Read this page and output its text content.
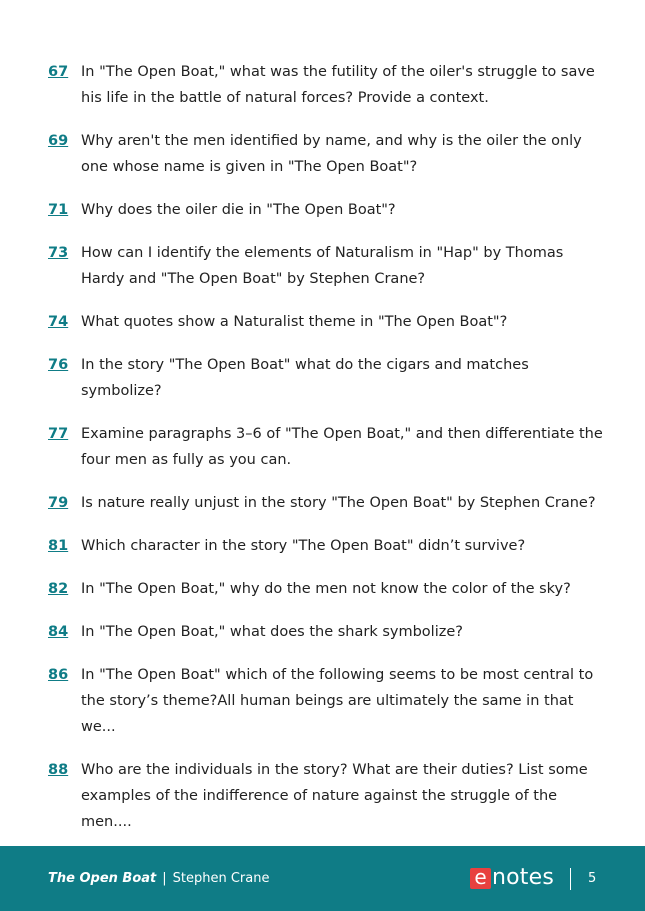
67 In "The Open Boat," what was the futility of the oiler's struggle to save his life in the battle of natural forces? Provide a context.
69 Why aren't the men identified by name, and why is the oiler the only one whose name is given in "The Open Boat"?
71 Why does the oiler die in "The Open Boat"?
73 How can I identify the elements of Naturalism in "Hap" by Thomas Hardy and "The Open Boat" by Stephen Crane?
74 What quotes show a Naturalist theme in "The Open Boat"?
76 In the story "The Open Boat" what do the cigars and matches symbolize?
77 Examine paragraphs 3–6 of "The Open Boat," and then differentiate the four men as fully as you can.
79 Is nature really unjust in the story "The Open Boat" by Stephen Crane?
81 Which character in the story "The Open Boat" didn’t survive?
82 In "The Open Boat," why do the men not know the color of the sky?
84 In "The Open Boat," what does the shark symbolize?
86 In "The Open Boat" which of the following seems to be most central to the story’s theme?All human beings are ultimately the same in that we...
88 Who are the individuals in the story? What are their duties? List some examples of the indifference of nature against the struggle of the men....
The Open Boat | Stephen Crane	e notes	5
